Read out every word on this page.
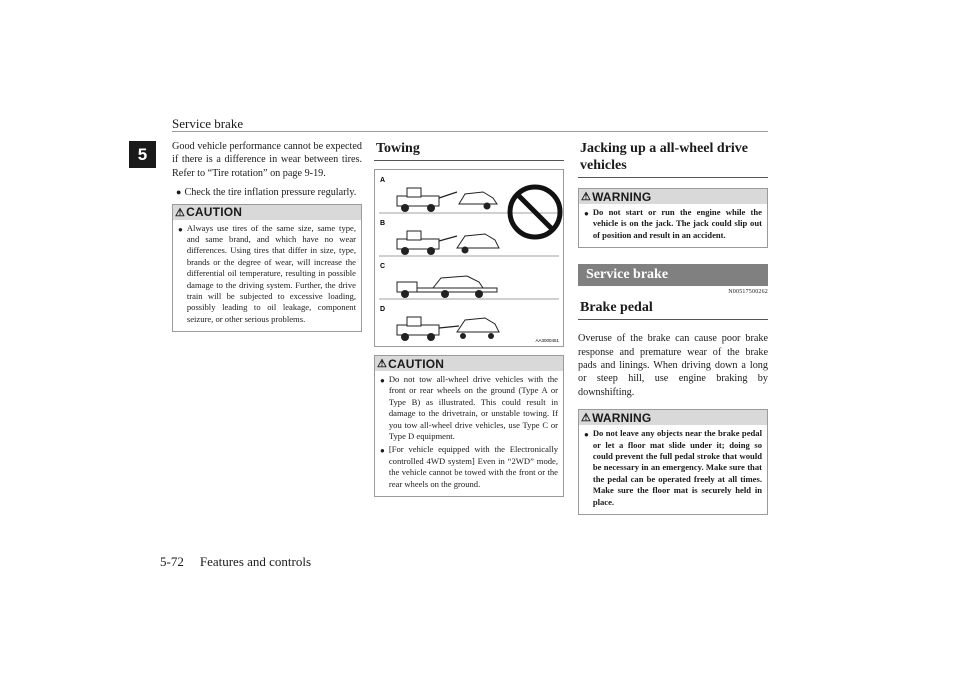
Service brake
5	Good vehicle performance cannot be expected if there is a difference in wear between tires. Refer to “Tire rotation” on page 9-19.

● Check the tire inflation pressure regularly.
⚠ CAUTION
● Always use tires of the same size, same type, and same brand, and which have no wear differences. Using tires that differ in size, type, brands or the degree of wear, will increase the differential oil temperature, resulting in possible damage to the driving system. Further, the drive train will be subjected to excessive loading, possibly leading to oil leakage, component seizure, or other serious problems.
Towing
A
B
C
D
AA3000451
⚠ CAUTION
● Do not tow all-wheel drive vehicles with the front or rear wheels on the ground (Type A or Type B) as illustrated. This could result in damage to the drivetrain, or unstable towing. If you tow all-wheel drive vehicles, use Type C or Type D equipment.
● [For vehicle equipped with the Electronically controlled 4WD system] Even in “2WD” mode, the vehicle cannot be towed with the front or the rear wheels on the ground.
Jacking up a all-wheel drive vehicles
⚠ WARNING
● Do not start or run the engine while the vehicle is on the jack. The jack could slip out of position and result in an accident.
Service brake
N00517500262
Brake pedal

Overuse of the brake can cause poor brake response and premature wear of the brake pads and linings. When driving down a long or steep hill, use engine braking by downshifting.

⚠ WARNING
● Do not leave any objects near the brake pedal or let a floor mat slide under it; doing so could prevent the full pedal stroke that would be necessary in an emergency. Make sure that the pedal can be operated freely at all times. Make sure the floor mat is securely held in place.
5-72 Features and controls
